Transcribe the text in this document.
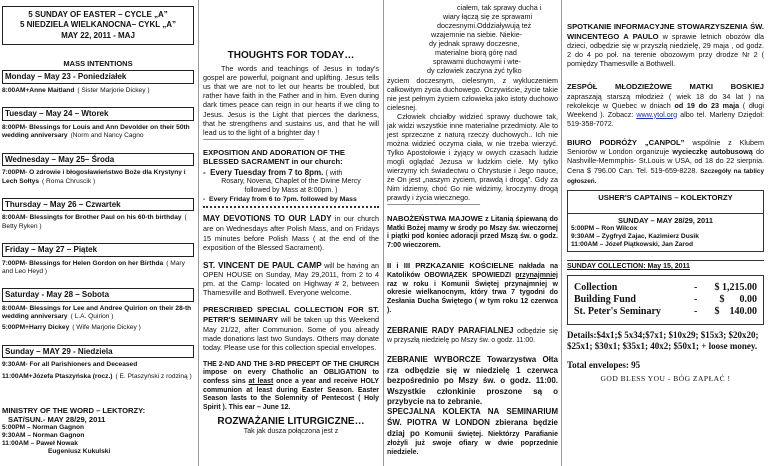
5 SUNDAY OF EASTER – CYCLE „A”
5 NIEDZIELA WIELKANOCNA– CYKL „A”
MAY 22, 2011 - MAJ
MASS INTENTIONS
Monday – May 23 - Poniedziałek
8:00AM+Anne Maitland ( Sister Marjorie Dickey )
Tuesday – May 24 – Wtorek
8:00PM- Blessings for Louis and Ann Devolder on their 50th wedding anniversary (Norm and Nancy Cagno
Wednesday – May 25– Środa
7:00PM- O zdrowie i błogosławieństwo Boże dla Krystyny i Lech Sołtys ( Roma Chruscik )
Thursday – May 26 – Czwartek
8:00AM- Blessingts for Brother Paul on his 60-th birthday ( Betty Ryken )
Friday – May 27 – Piątek
7:00PM- Blessings for Helen Gordon on her Birthda ( Mary and Leo Heyd )
Saturday - May 28 – Sobota
8:00AM- Blessings for Lee and Andree Quirion on their 28-th wedding anniversary ( L.A. Quirion )
5:00PM+Harry Dickey ( Wife Marjorie Dickey )
Sunday – MAY 29 - Niedziela
9:30AM- For all Parishioners and Deceased
11:00AM+Józefa Ptaszyńska (rocz.) ( E. Ptaszyński z rodziną )
MINISTRY OF THE WORD – LEKTORZY:
SAT/SUN.- MAY 28/29, 2011
5:00PM – Norman Gagnon
9:30AM – Norman Gagnon
11:00AM – Paweł Nowak
Eugeniusz Kukulski
THOUGHTS FOR TODAY…
The words and teachings of Jesus in today's gospel are powerful, poignant and uplifting. Jesus tells us that we are not to let our hearts be troubled, but rather have faith in the Father and in him. Even during dark times peace can reign in our hearts if we cling to Jesus. Jesus is the Light that pierces the darkness, that he strengthens and sustains us, and that he will lead us to the light of a brighter day !
-------------------------------------------------------------------
EXPOSITION AND ADORATION OF THE BLESSED SACRAMENT in our church:
-  Every Tuesday from 7 to 8pm. ( with
Rosary, Novena, Chaplet of the Divine Mercy followed by Mass at 8:00pm. )
-  Every Friday from 6 to 7pm. followed by Mass
MAY DEVOTIONS TO OUR LADY in our church are on Wednesdays after Polish Mass, and on Fridays 15 minutes before Polish Mass ( at the end of the exposition of the Blessed Sacrament).
ST. VINCENT DE PAUL CAMP will be having an OPEN HOUSE on Sunday, May 29,2011, from 2 to 4 pm. at the Camp- located on Highway # 2, between Thamesville and Bothwell. Everyone welcome.
PRESCRIBED SPECIAL COLLECTION FOR ST. PETRR'S SEMINARY will be taken up this Weekend May 21/22, after Communion. Some of you already made donations last two Sundays. Others may donate today. Please use for this collection special envelopes.
THE 2-ND AND THE 3-RD PRECEPT OF THE CHURCH impose on every Chatholic an OBLIGATION to confess sins at least once a year and receive HOLY communion at least during Easter Season. Easter Season lasts to the Solemnity of Pentecost ( Holy Spirit ). This ear – June 12.
ROZWAŻANIE LITURGICZNE…
Tak jak dusza połączona jest z
ciałem, tak sprawy ducha i
wiary łączą się ze sprawami
doczesnymi.Oddziaływują też
wzajemnie na siebie. Niekie-
dy jednak sprawy doczesne,
materialne biorą górę nad
sprawami duchowymi i wte-
dy człowiek zaczyna żyć tylko
życiem doczesnym, cielesnym, z wykluczeniem całkowitym życia duchowego. Oczywiście, życie takie nie jest pełnym życiem człowieka jako istoty duchowo cielesnej.
Człowiek chciałby widzieć sprawy duchowe tak, jak widzi wszystkie inne materialne przedmioty. Ale to jest sprzeczne z naturą rzeczy duchowych.. Ich nie można widzieć oczyma ciała, w nie trzeba wierzyć. Tylko Apostołowie i żyjący w owych czasach ludzie mogli oglądać Jezusa w ludzkim ciele. My tylko wierzymy ich świadectwu o Chrystusie i Jego nauce, że On jest „naszym życiem, prawdą i drogą”. Gdy za Nim idziemy, choć Go nie widzimy, kroczymy drogą prawdy i życia wiecznego.
--------------------------------------------------------------
NABOŻEŃSTWA MAJOWE z Litanią śpiewaną do Matki Bożej mamy w środy po Mszy św. wieczornej i piątki pod koniec adoracji przed Mszą św. o godz. 7:00 wieczorem.
II i III PRZKAZANIE KOŚCIELNE nakłada na Katolików OBOWIĄZEK SPOWIEDZI przynajmniej raz w roku i Komunii Świętej przynajmniej w okresie wielkanocnym, który trwa 7 tygodni do Zesłania Ducha Świętego ( w tym roku 12 czerwca ).
ZEBRANIE RADY PARAFIALNEJ odbędzie się w przyszłą niedzielę po Mszy św. o godz. 11:00.
ZEBRANIE WYBORCZE Towarzystwa Ołta rza odbędzie się w niedzielę 1 czerwca bezpośrednio po Mszy św. o godz. 11:00. Wszystkie członkinie proszone są o przybycie na to zebranie.
SPECJALNA KOLEKTA NA SEMINARIUM ŚW. PIOTRA W LONDON zbierana będzie dziaj po Komunii świętej. Niektórzy Parafianie złożyli już swoje ofiary w dwie poprzednie niedziele.
SPOTKANIE INFORMACYJNE STOWARZYSZENIA ŚW. WINCENTEGO A PAULO w sprawie letnich obozów dla dzieci, odbędzie się w przyszłą niedzielę, 29 maja , od godz. 2 do 4 po poł. na terenie obozowym przy drodze Nr 2 ( pomiędzy Thamesville a Bothwell.
ZESPÓŁ MŁODZIEŻOWE MATKI BOSKIEJ
zapraszają starszą młodzież ( wiek 18 do 34 lat ) na rekolekcje w Quebec w dniach od 19 do 23 maja ( długi Weekend ). Zobacz: www.ytol.org albo tel. Marleny Dziędoł: 519-358-7072.
BIURO PODRÓŻY „CANPOL” wspólnie z Klubem Seniorów w London organizuje wycieczkę autobusową do Nashville-Memmphis- St.Louis w USA, od 18 do 22 sierpnia. Cena $ 796.00 Can. Tel. 519-659-8228. Szczegóły na tablicy ogłoszeń.
USHER'S CAPTAINS – KOLEKTORZY
SUNDAY – MAY 28/29, 2011
5:00PM – Ron Wilcox
9:30AM – Zygfryd Zajac, Kazimierz Dusik
11:00AM – Józef Piątkowski, Jan Zarod
SUNDAY COLLECTION: May 15, 2011
Collection	-	$ 1,215.00
Building Fund	-	$      0.00
St. Peter's Seminary	-	$    140.00
Details:$4x1;$ 5x34;$7x1; $10x29; $15x3; $20x20; $25x1; $30x1; $35x1; 40x2; $50x1; + loose money.
Total envelopes: 95
GOD BLESS YOU - BÓG ZAPŁAĆ !
